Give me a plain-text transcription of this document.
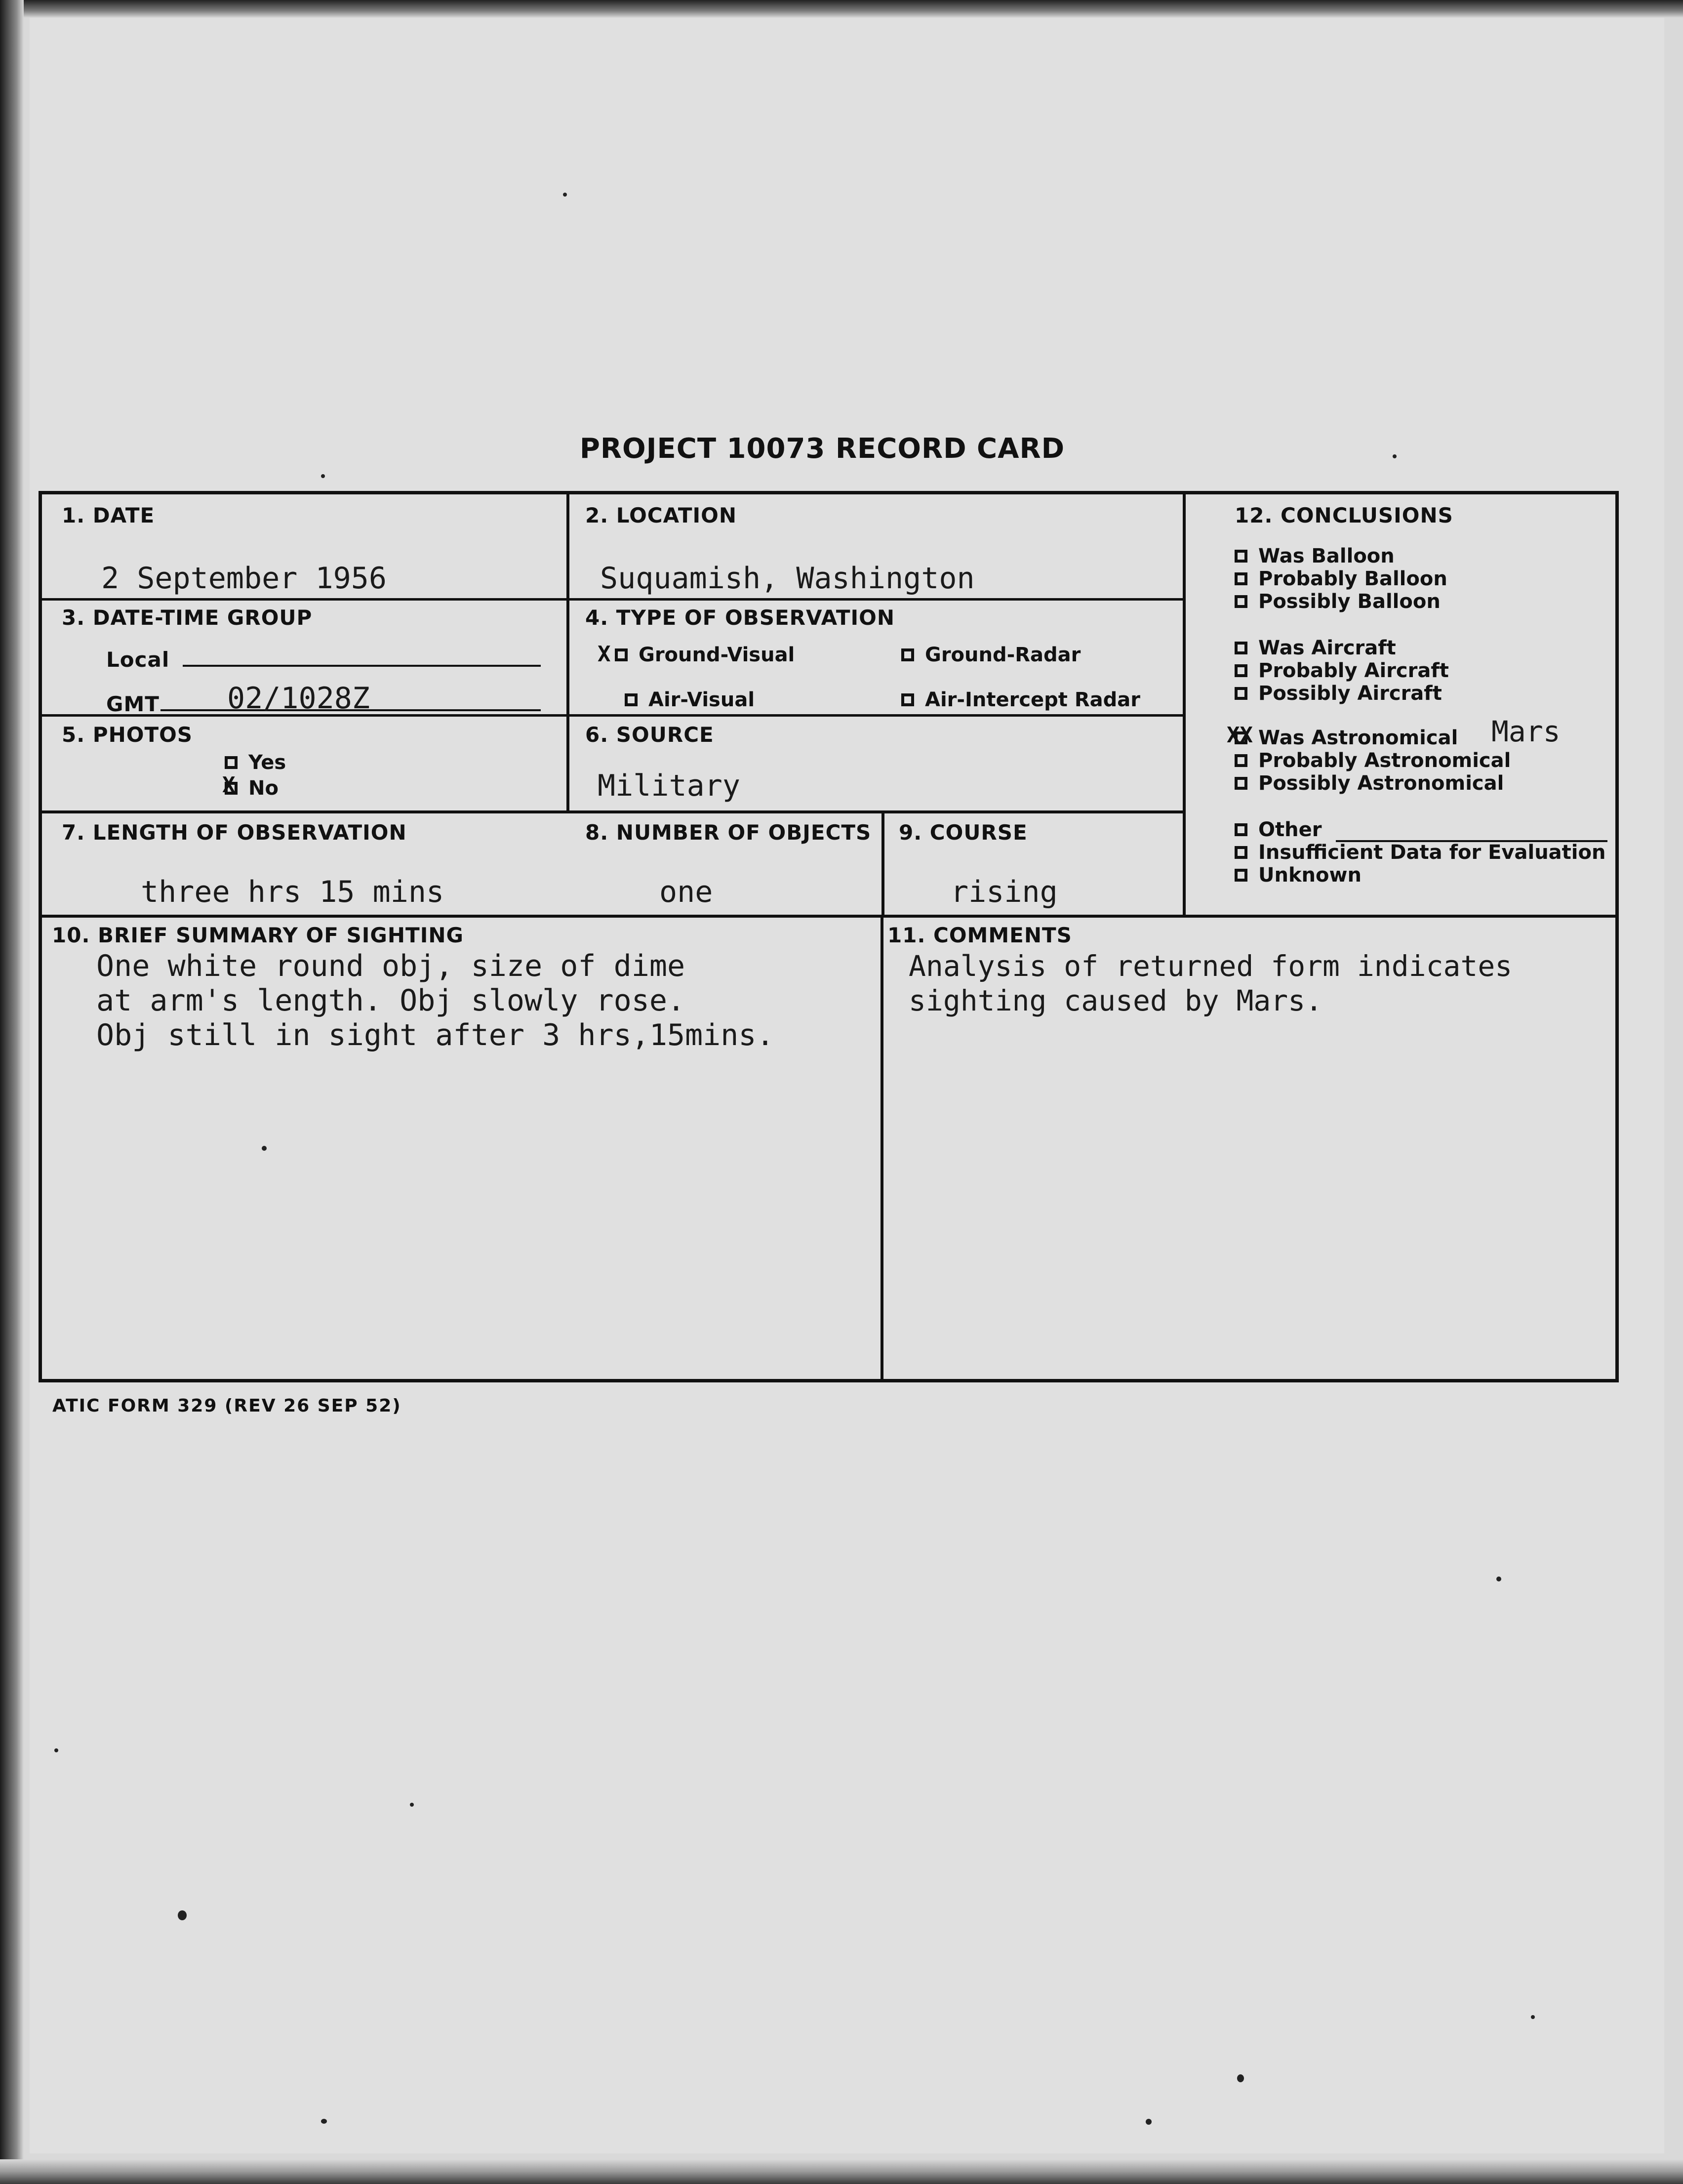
PROJECT 10073 RECORD CARD
1. DATE
2 September 1956
2. LOCATION
Suquamish, Washington
3. DATE-TIME GROUP
Local
GMT 02/1028Z
4. TYPE OF OBSERVATION
X Ground-Visual	Ground-Radar
Air-Visual	Air-Intercept Radar
5. PHOTOS
Yes
X No
6. SOURCE
Military
7. LENGTH OF OBSERVATION
three hrs 15 mins
8. NUMBER OF OBJECTS
one
9. COURSE
rising
10. BRIEF SUMMARY OF SIGHTING
One white round obj, size of dime
at arm's length. Obj slowly rose.
Obj still in sight after 3 hrs,15mins.
11. COMMENTS
Analysis of returned form indicates
sighting caused by Mars.
12. CONCLUSIONS
Was Balloon
Probably Balloon
Possibly Balloon
Was Aircraft
Probably Aircraft
Possibly Aircraft
XX Was Astronomical Mars
Probably Astronomical
Possibly Astronomical
Other
Insufficient Data for Evaluation
Unknown
ATIC FORM 329 (REV 26 SEP 52)
